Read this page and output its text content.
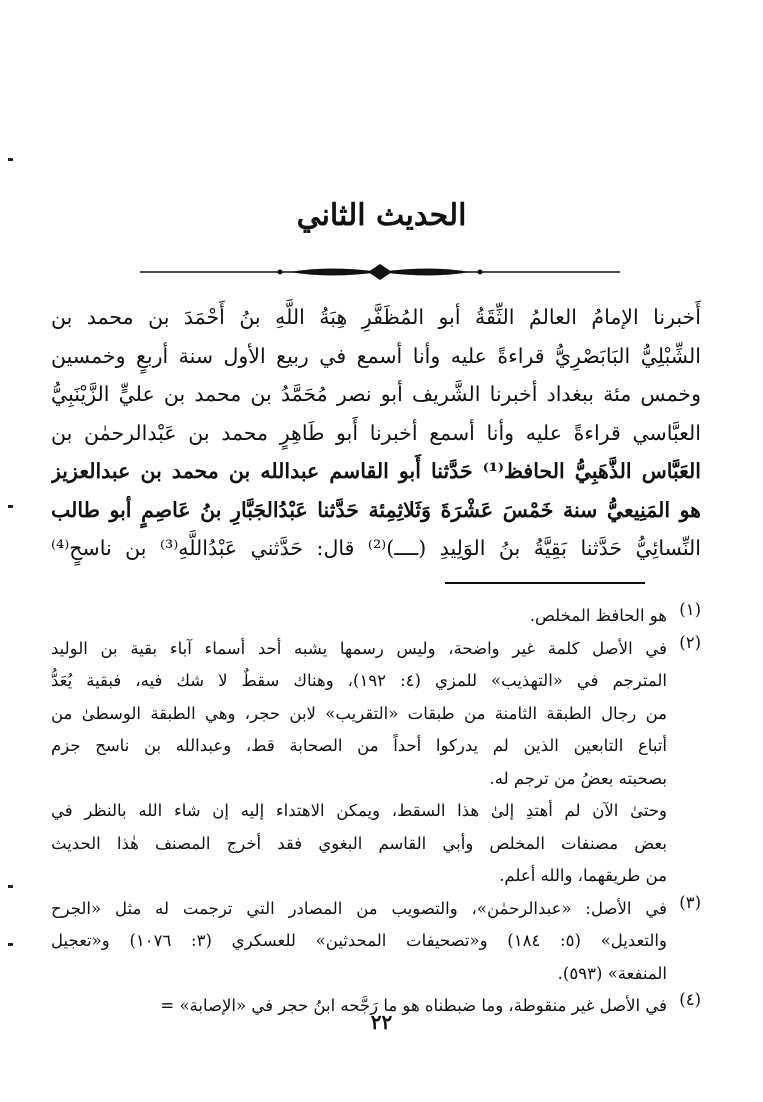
الحديث الثاني
أَخبرنا الإمامُ العالمُ الثِّقَةُ أبو المُظَفَّرِ هِبَةُ اللَّهِ بنُ أَحْمَدَ بن محمد بن
الشِّبْلِيُّ البَابَصْرِيُّ قراءةً عليه وأنا أسمع في ربيع الأول سنة أربعٍ وخمسين
وخمس مئة ببغداد أخبرنا الشَّريف أبو نصر مُحَمَّدُ بن محمد بن عليٍّ الزَّيْنَبِيُّ
العبَّاسي قراءةً عليه وأنا أسمع أخبرنا أَبو طَاهِرٍ محمد بن عَبْدالرحمٰن بن
العَبَّاس الذَّهَبِيُّ الحافظ⁽¹⁾ حَدَّثنا أَبو القاسم عبدالله بن محمد بن عبدالعزيز
هو المَنِيعيُّ سنة خَمْسَ عَشْرَةَ وَثَلاثِمِئة حَدَّثنا عَبْدُالجَبَّارِ بنُ عَاصِمٍ أبو طالب
النِّسائِيُّ حَدَّثنا بَقِيَّةُ بنُ الوَلِيدِ (ــــ)⁽²⁾ قال: حَدَّثني عَبْدُاللَّهِ⁽³⁾ بن ناسحٍ⁽⁴⁾
(١)
هو الحافظ المخلص.
(٢)
في الأصل كلمة غير واضحة، وليس رسمها يشبه أحد أسماء آباء بقية بن الوليد
المترجم في «التهذيب» للمزي (٤: ١٩٢)، وهناك سقطٌ لا شك فيه، فبقية يُعَدُّ
من رجال الطبقة الثامنة من طبقات «التقريب» لابن حجر، وهي الطبقة الوسطىٰ من
أتباع التابعين الذين لم يدركوا أحداً من الصحابة قط، وعبدالله بن ناسح جزم
بصحبته بعضُ من ترجم له.
وحتىٰ الآن لم أهتدِ إلىٰ هذا السقط، ويمكن الاهتداء إليه إن شاء الله بالنظر في
بعض مصنفات المخلص وأبي القاسم البغوي فقد أخرج المصنف هٰذا الحديث
من طريقهما، والله أعلم.
(٣)
في الأصل: «عبدالرحمٰن»، والتصويب من المصادر التي ترجمت له مثل «الجرح
والتعديل» (٥: ١٨٤) و«تصحيفات المحدثين» للعسكري (٣: ١٠٧٦) و«تعجيل
المنفعة» (٥٩٣).
(٤)
في الأصل غير منقوطة، وما ضبطناه هو ما رَجَّحه ابنُ حجر في «الإصابة» =
٢٢
